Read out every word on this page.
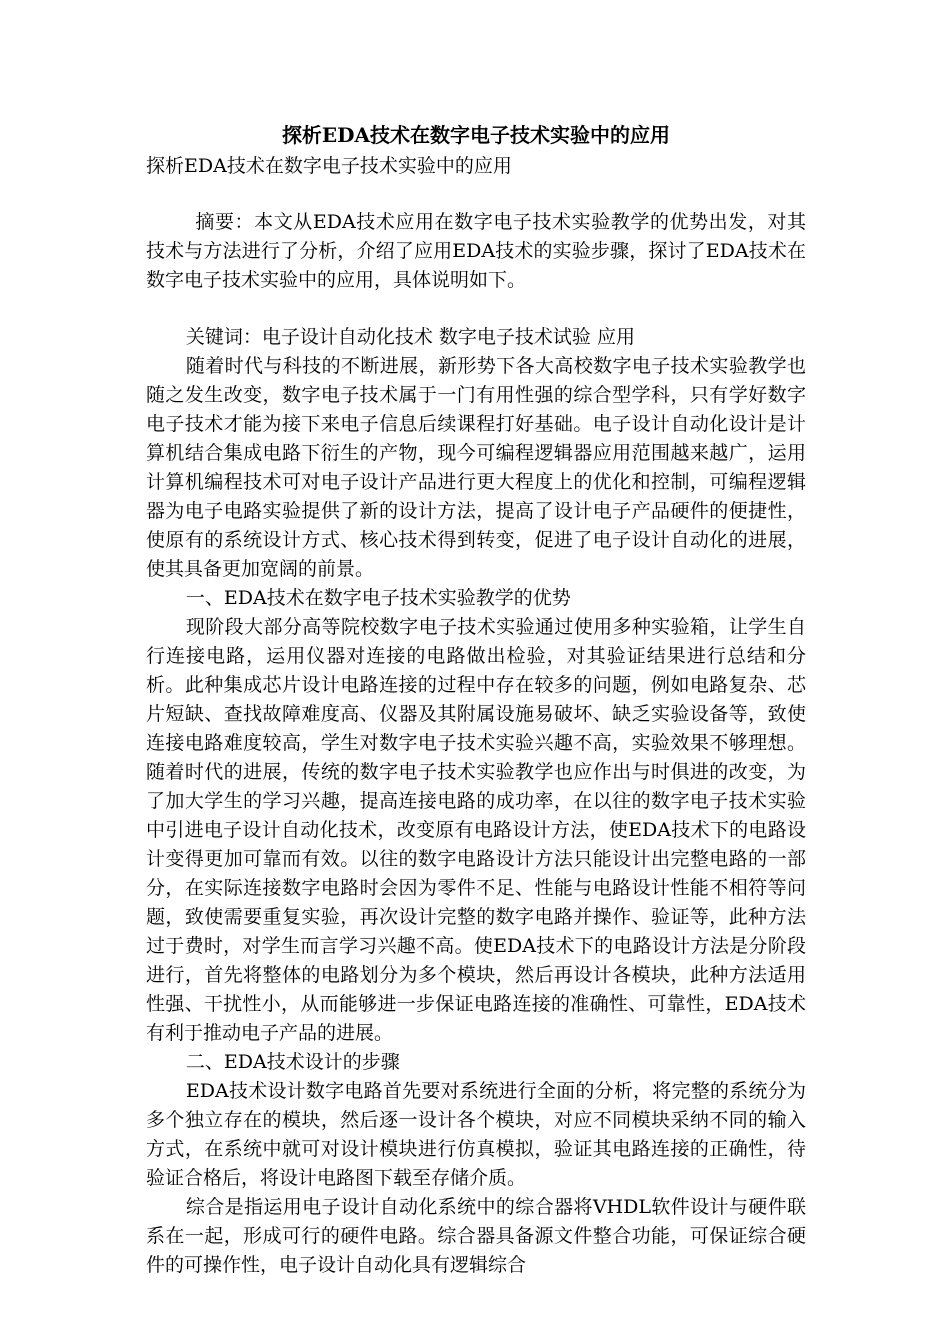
探析EDA技术在数字电子技术实验中的应用

探析EDA技术在数字电子技术实验中的应用

摘要：本文从EDA技术应用在数字电子技术实验教学的优势出发，对其技术与方法进行了分析，介绍了应用EDA技术的实验步骤，探讨了EDA技术在数字电子技术实验中的应用，具体说明如下。

关键词：电子设计自动化技术 数字电子技术试验 应用

随着时代与科技的不断进展，新形势下各大高校数字电子技术实验教学也随之发生改变，数字电子技术属于一门有用性强的综合型学科，只有学好数字电子技术才能为接下来电子信息后续课程打好基础。电子设计自动化设计是计算机结合集成电路下衍生的产物，现今可编程逻辑器应用范围越来越广，运用计算机编程技术可对电子设计产品进行更大程度上的优化和控制，可编程逻辑器为电子电路实验提供了新的设计方法，提高了设计电子产品硬件的便捷性，使原有的系统设计方式、核心技术得到转变，促进了电子设计自动化的进展，使其具备更加宽阔的前景。

一、EDA技术在数字电子技术实验教学的优势

现阶段大部分高等院校数字电子技术实验通过使用多种实验箱，让学生自行连接电路，运用仪器对连接的电路做出检验，对其验证结果进行总结和分析。此种集成芯片设计电路连接的过程中存在较多的问题，例如电路复杂、芯片短缺、查找故障难度高、仪器及其附属设施易破坏、缺乏实验设备等，致使连接电路难度较高，学生对数字电子技术实验兴趣不高，实验效果不够理想。随着时代的进展，传统的数字电子技术实验教学也应作出与时俱进的改变，为了加大学生的学习兴趣，提高连接电路的成功率，在以往的数字电子技术实验中引进电子设计自动化技术，改变原有电路设计方法，使EDA技术下的电路设计变得更加可靠而有效。以往的数字电路设计方法只能设计出完整电路的一部分，在实际连接数字电路时会因为零件不足、性能与电路设计性能不相符等问题，致使需要重复实验，再次设计完整的数字电路并操作、验证等，此种方法过于费时，对学生而言学习兴趣不高。使EDA技术下的电路设计方法是分阶段进行，首先将整体的电路划分为多个模块，然后再设计各模块，此种方法适用性强、干扰性小，从而能够进一步保证电路连接的准确性、可靠性，EDA技术有利于推动电子产品的进展。

二、EDA技术设计的步骤

EDA技术设计数字电路首先要对系统进行全面的分析，将完整的系统分为多个独立存在的模块，然后逐一设计各个模块，对应不同模块采纳不同的输入方式，在系统中就可对设计模块进行仿真模拟，验证其电路连接的正确性，待验证合格后，将设计电路图下载至存储介质。

综合是指运用电子设计自动化系统中的综合器将VHDL软件设计与硬件联系在一起，形成可行的硬件电路。综合器具备源文件整合功能，可保证综合硬件的可操作性，电子设计自动化具有逻辑综合
